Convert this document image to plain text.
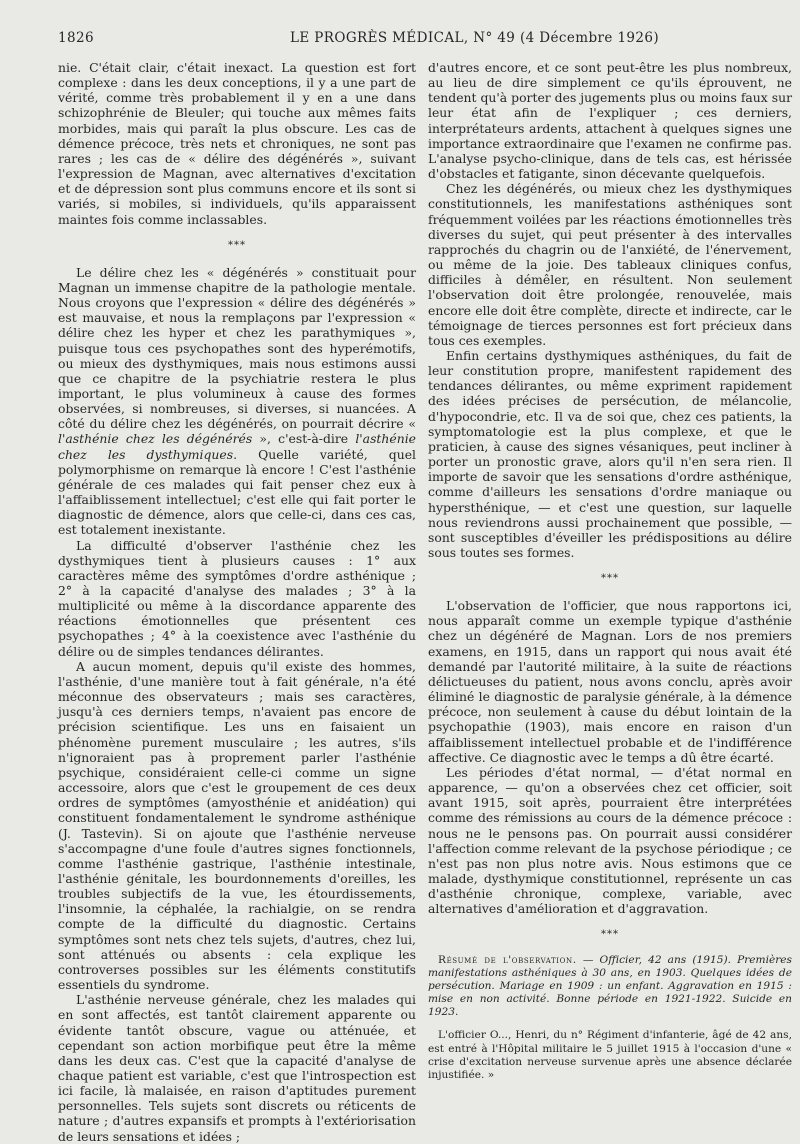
1826	LE PROGRÈS MÉDICAL, N° 49 (4 Décembre 1926)

nie. C'était clair, c'était inexact. La question est fort complexe : dans les deux conceptions, il y a une part de vérité, comme très probablement il y en a une dans schizophrénie de Bleuler; qui touche aux mêmes faits morbides, mais qui paraît la plus obscure. Les cas de démence précoce, très nets et chroniques, ne sont pas rares ; les cas de « délire des dégénérés », suivant l'expression de Magnan, avec alternatives d'excitation et de dépression sont plus communs encore et ils sont si variés, si mobiles, si individuels, qu'ils apparaissent maintes fois comme inclassables.

***

Le délire chez les « dégénérés » constituait pour Magnan un immense chapitre de la pathologie mentale. Nous croyons que l'expression « délire des dégénérés » est mauvaise, et nous la remplaçons par l'expression « délire chez les hyper et chez les parathymiques », puisque tous ces psychopathes sont des hyperémotifs, ou mieux des dysthymiques, mais nous estimons aussi que ce chapitre de la psychiatrie restera le plus important, le plus volumineux à cause des formes observées, si nombreuses, si diverses, si nuancées. A côté du délire chez les dégénérés, on pourrait décrire « l'asthénie chez les dégénérés », c'est-à-dire l'asthénie chez les dysthymiques. Quelle variété, quel polymorphisme on remarque là encore ! C'est l'asthénie générale de ces malades qui fait penser chez eux à l'affaiblissement intellectuel; c'est elle qui fait porter le diagnostic de démence, alors que celle-ci, dans ces cas, est totalement inexistante.

La difficulté d'observer l'asthénie chez les dysthymiques tient à plusieurs causes : 1° aux caractères même des symptômes d'ordre asthénique ; 2° à la capacité d'analyse des malades ; 3° à la multiplicité ou même à la discordance apparente des réactions émotionnelles que présentent ces psychopathes ; 4° à la coexistence avec l'asthénie du délire ou de simples tendances délirantes.

A aucun moment, depuis qu'il existe des hommes, l'asthénie, d'une manière tout à fait générale, n'a été méconnue des observateurs ; mais ses caractères, jusqu'à ces derniers temps, n'avaient pas encore de précision scientifique. Les uns en faisaient un phénomène purement musculaire ; les autres, s'ils n'ignoraient pas à proprement parler l'asthénie psychique, considéraient celle-ci comme un signe accessoire, alors que c'est le groupement de ces deux ordres de symptômes (amyosthénie et anidéation) qui constituent fondamentalement le syndrome asthénique (J. Tastevin). Si on ajoute que l'asthénie nerveuse s'accompagne d'une foule d'autres signes fonctionnels, comme l'asthénie gastrique, l'asthénie intestinale, l'asthénie génitale, les bourdonnements d'oreilles, les troubles subjectifs de la vue, les étourdissements, l'insomnie, la céphalée, la rachialgie, on se rendra compte de la difficulté du diagnostic. Certains symptômes sont nets chez tels sujets, d'autres, chez lui, sont atténués ou absents : cela explique les controverses possibles sur les éléments constitutifs essentiels du syndrome.

L'asthénie nerveuse générale, chez les malades qui en sont affectés, est tantôt clairement apparente ou évidente tantôt obscure, vague ou atténuée, et cependant son action morbifique peut être la même dans les deux cas. C'est que la capacité d'analyse de chaque patient est variable, c'est que l'introspection est ici facile, là malaisée, en raison d'aptitudes purement personnelles. Tels sujets sont discrets ou réticents de nature ; d'autres expansifs et prompts à l'extériorisation de leurs sensations et idées ;

d'autres encore, et ce sont peut-être les plus nombreux, au lieu de dire simplement ce qu'ils éprouvent, ne tendent qu'à porter des jugements plus ou moins faux sur leur état afin de l'expliquer ; ces derniers, interprétateurs ardents, attachent à quelques signes une importance extraordinaire que l'examen ne confirme pas. L'analyse psycho-clinique, dans de tels cas, est hérissée d'obstacles et fatigante, sinon décevante quelquefois.

Chez les dégénérés, ou mieux chez les dysthymiques constitutionnels, les manifestations asthéniques sont fréquemment voilées par les réactions émotionnelles très diverses du sujet, qui peut présenter à des intervalles rapprochés du chagrin ou de l'anxiété, de l'énervement, ou même de la joie. Des tableaux cliniques confus, difficiles à démêler, en résultent. Non seulement l'observation doit être prolongée, renouvelée, mais encore elle doit être complète, directe et indirecte, car le témoignage de tierces personnes est fort précieux dans tous ces exemples.

Enfin certains dysthymiques asthéniques, du fait de leur constitution propre, manifestent rapidement des tendances délirantes, ou même expriment rapidement des idées précises de persécution, de mélancolie, d'hypocondrie, etc. Il va de soi que, chez ces patients, la symptomatologie est la plus complexe, et que le praticien, à cause des signes vésaniques, peut incliner à porter un pronostic grave, alors qu'il n'en sera rien. Il importe de savoir que les sensations d'ordre asthénique, comme d'ailleurs les sensations d'ordre maniaque ou hypersthénique, — et c'est une question, sur laquelle nous reviendrons aussi prochainement que possible, — sont susceptibles d'éveiller les prédispositions au délire sous toutes ses formes.

***

L'observation de l'officier, que nous rapportons ici, nous apparaît comme un exemple typique d'asthénie chez un dégénéré de Magnan. Lors de nos premiers examens, en 1915, dans un rapport qui nous avait été demandé par l'autorité militaire, à la suite de réactions délictueuses du patient, nous avons conclu, après avoir éliminé le diagnostic de paralysie générale, à la démence précoce, non seulement à cause du début lointain de la psychopathie (1903), mais encore en raison d'un affaiblissement intellectuel probable et de l'indifférence affective. Ce diagnostic avec le temps a dû être écarté.

Les périodes d'état normal, — d'état normal en apparence, — qu'on a observées chez cet officier, soit avant 1915, soit après, pourraient être interprétées comme des rémissions au cours de la démence précoce : nous ne le pensons pas. On pourrait aussi considérer l'affection comme relevant de la psychose périodique ; ce n'est pas non plus notre avis. Nous estimons que ce malade, dysthymique constitutionnel, représente un cas d'asthénie chronique, complexe, variable, avec alternatives d'amélioration et d'aggravation.

***

Résumé de l'observation. — Officier, 42 ans (1915). Premières manifestations asthéniques à 30 ans, en 1903. Quelques idées de persécution. Mariage en 1909 : un enfant. Aggravation en 1915 : mise en non activité. Bonne période en 1921-1922. Suicide en 1923.

L'officier O..., Henri, du n° Régiment d'infanterie, âgé de 42 ans, est entré à l'Hôpital militaire le 5 juillet 1915 à l'occasion d'une « crise d'excitation nerveuse survenue après une absence déclarée injustifiée. »
